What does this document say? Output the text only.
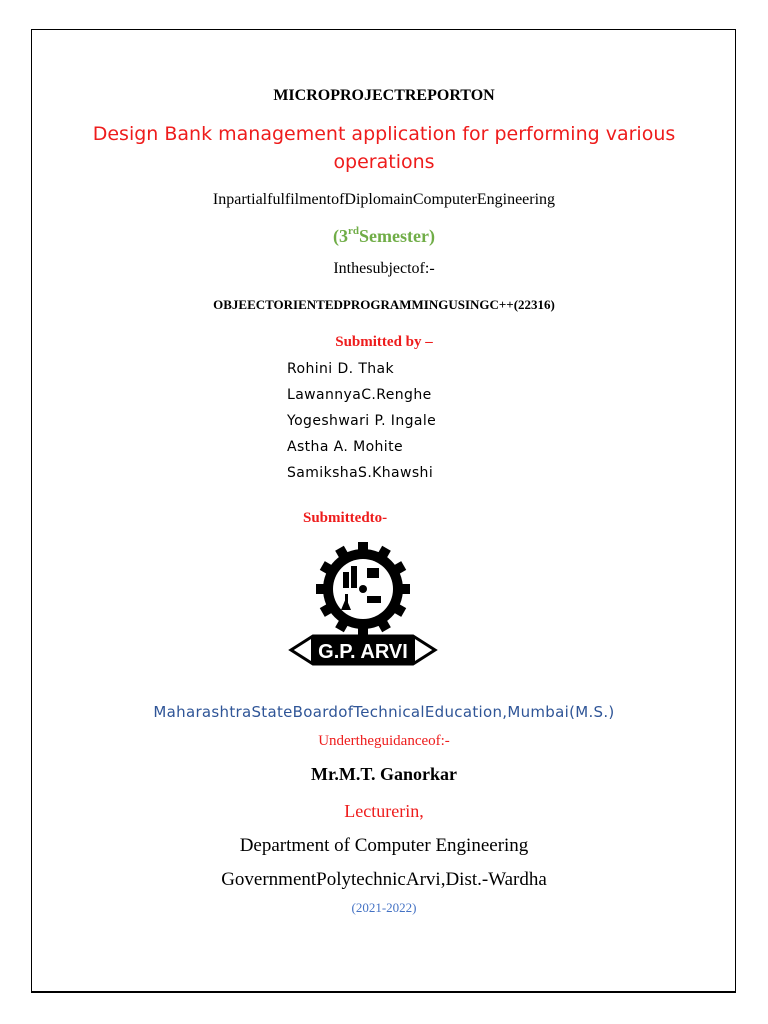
MICROPROJECTREPORTON
Design Bank management application for performing various
operations
InpartialfulfilmentofDiplomainComputerEngineering
(3rdSemester)
Inthesubjectof:-
OBJEECTORIENTEDPROGRAMMINGUSINGC++(22316)
Submitted by –
Rohini D. Thak
LawannyaC.Renghe
Yogeshwari P. Ingale
Astha A. Mohite
SamikshaS.Khawshi
Submittedto-
G.P. ARVI
MaharashtraStateBoardofTechnicalEducation,Mumbai(M.S.)
Undertheguidanceof:-
Mr.M.T. Ganorkar
Lecturerin,
Department of Computer Engineering
GovernmentPolytechnicArvi,Dist.-Wardha
(2021-2022)
